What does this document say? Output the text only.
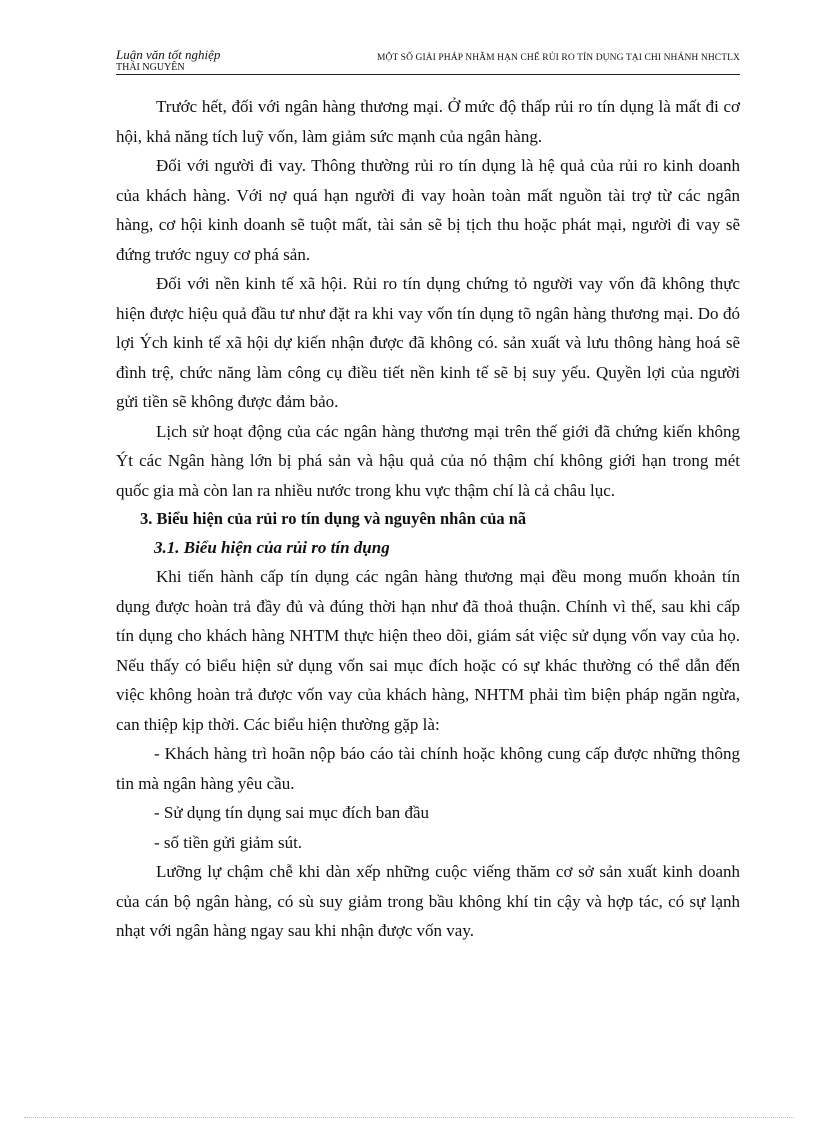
Luận văn tốt nghiệp
THÁI NGUYÊN
MỘT SỐ GIẢI PHÁP NHẰM HẠN CHẾ RỦI RO TÍN DỤNG TẠI CHI NHÁNH NHCTLX

Trước hết, đối với ngân hàng thương mại. Ở mức độ thấp rủi ro tín dụng là mất đi cơ hội, khả năng tích luỹ vốn, làm giảm sức mạnh của ngân hàng.

Đối với người đi vay. Thông thường rủi ro tín dụng là hệ quả của rủi ro kinh doanh của khách hàng. Với nợ quá hạn người đi vay hoàn toàn mất nguồn tài trợ từ các ngân hàng, cơ hội kinh doanh sẽ tuột mất, tài sản sẽ bị tịch thu hoặc phát mại, người đi vay sẽ đứng trước nguy cơ phá sản.

Đối với nền kinh tế xã hội. Rủi ro tín dụng chứng tỏ người vay vốn đã không thực hiện được hiệu quả đầu tư như đặt ra khi vay vốn tín dụng tõ ngân hàng thương mại. Do đó lợi Ých kinh tế xã hội dự kiến nhận được đã không có. sản xuất và lưu thông hàng hoá sẽ đình trệ, chức năng làm công cụ điều tiết nền kinh tế sẽ bị suy yếu. Quyền lợi của người gửi tiền sẽ không được đảm bảo.

Lịch sử hoạt động của các ngân hàng thương mại trên thế giới đã chứng kiến không Ýt các Ngân hàng lớn bị phá sản và hậu quả của nó thậm chí không giới hạn trong mét quốc gia mà còn lan ra nhiều nước trong khu vực thậm chí là cả châu lục.

3. Biểu hiện của rủi ro tín dụng và nguyên nhân của nã
3.1. Biểu hiện của rủi ro tín dụng

Khi tiến hành cấp tín dụng các ngân hàng thương mại đều mong muốn khoản tín dụng được hoàn trả đầy đủ và đúng thời hạn như đã thoả thuận. Chính vì thế, sau khi cấp tín dụng cho khách hàng NHTM thực hiện theo dõi, giám sát việc sử dụng vốn vay của họ. Nếu thấy có biểu hiện sử dụng vốn sai mục đích hoặc có sự khác thường có thể dẫn đến việc không hoàn trả được vốn vay của khách hàng, NHTM phải tìm biện pháp ngăn ngừa, can thiệp kịp thời. Các biểu hiện thường gặp là:

- Khách hàng trì hoãn nộp báo cáo tài chính hoặc không cung cấp được những thông tin mà ngân hàng yêu cầu.

- Sử dụng tín dụng sai mục đích ban đầu

- số tiền gửi giảm sút.

Lưỡng lự chậm chễ khi dàn xếp những cuộc viếng thăm cơ sở sản xuất kinh doanh của cán bộ ngân hàng, có sù suy giảm trong bầu không khí tin cậy và hợp tác, có sự lạnh nhạt với ngân hàng ngay sau khi nhận được vốn vay.
